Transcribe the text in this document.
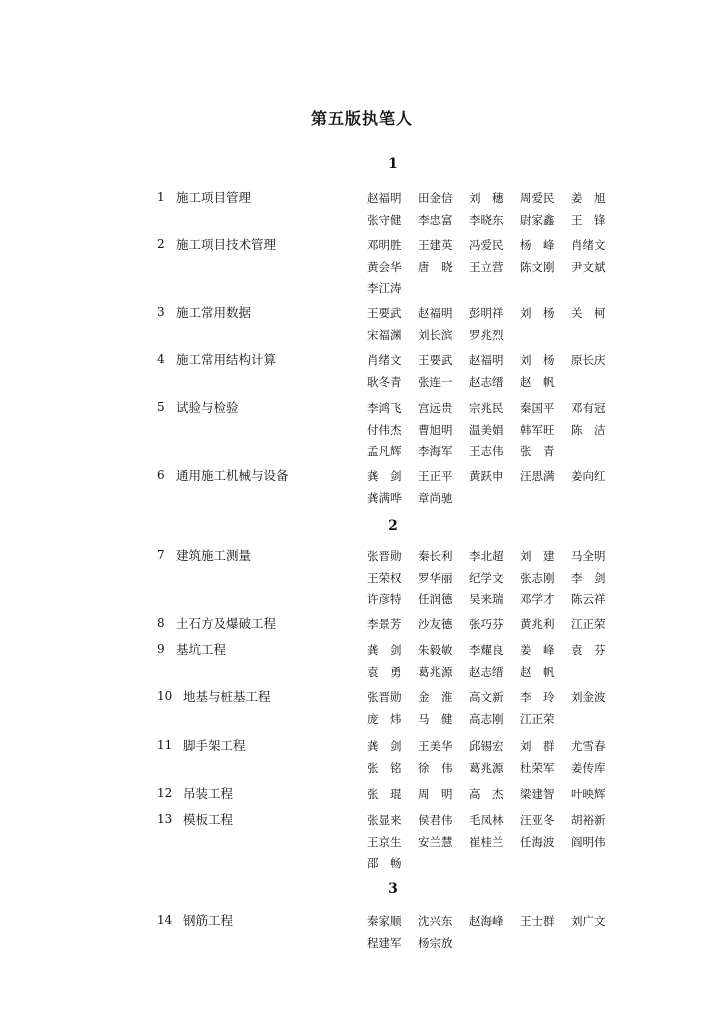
第五版执笔人
1
1 施工项目管理	赵福明 田金信 刘　穗 周爱民 姜　旭
张守健 李忠富 李晓东 尉家鑫 王　锋
2 施工项目技术管理	邓明胜 王建英 冯爱民 杨　峰 肖绪文
黄会华 唐　晓 王立营 陈文刚 尹文斌
李江涛
3 施工常用数据	王要武 赵福明 彭明祥 刘　杨 关　柯
宋福渊 刘长滨 罗兆烈
4 施工常用结构计算	肖绪文 王要武 赵福明 刘　杨 原长庆
耿冬青 张连一 赵志缙 赵　帆
5 试验与检验	李鸿飞 宫远贵 宗兆民 秦国平 邓有冠
付伟杰 曹旭明 温美娟 韩军旺 陈　洁
孟凡辉 李海军 王志伟 张　青
6 通用施工机械与设备	龚　剑 王正平 黄跃申 汪思满 姜向红
龚满哗 章尚驰
2
7 建筑施工测量	张晋勋 秦长利 李北超 刘　建 马全明
王荣权 罗华丽 纪学文 张志刚 李　剑
许彦特 任润德 吴来瑞 邓学才 陈云祥
8 土石方及爆破工程	李景芳 沙友德 张巧芬 黄兆利 江正荣
9 基坑工程	龚　剑 朱毅敏 李耀良 姜　峰 袁　芬
袁　勇 葛兆源 赵志缙 赵　帆
10 地基与桩基工程	张晋勋 金　淮 高文新 李　玲 刘金波
庞　炜 马　健 高志刚 江正荣
11 脚手架工程	龚　剑 王美华 邱锡宏 刘　群 尤雪春
张　铭 徐　伟 葛兆源 杜荣军 姜传库
12 吊装工程	张　琨 周　明 高　杰 梁建智 叶映辉
13 模板工程	张显来 侯君伟 毛凤林 汪亚冬 胡裕新
王京生 安兰慧 崔桂兰 任海波 阎明伟
邵　畅
3
14 钢筋工程	秦家顺 沈兴东 赵海峰 王士群 刘广文
程建军 杨宗放
